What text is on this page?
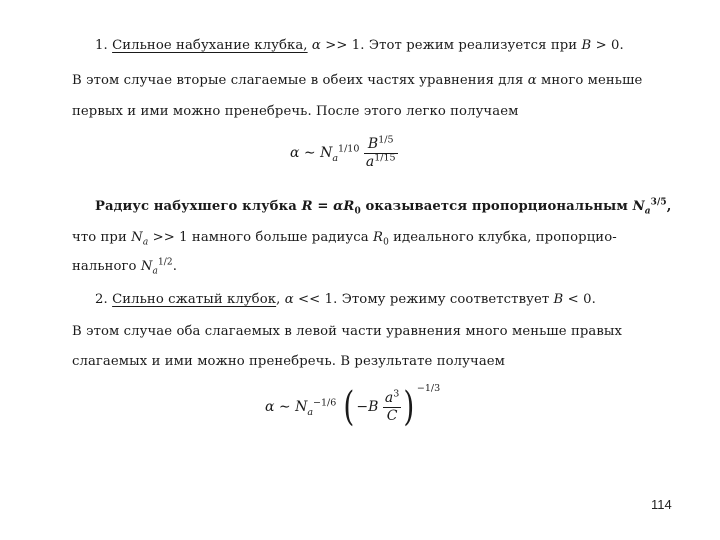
1. Сильное набухание клубка, α >> 1. Этот режим реализуется при B > 0.
В этом случае вторые слагаемые в обеих частях уравнения для α много меньше
первых и ими можно пренебречь. После этого легко получаем
α ∼ $N_a^{1/10} \frac{B^{1/5}}{a^{1/15}}$
Радиус набухшего клубка $R = \alpha R_0$ оказывается пропорциональным $N_a^{3/5}$,
что при $N_a >> 1$ намного больше радиуса $R_0$ идеального клубка, пропорцио-
нального $N_a^{1/2}$.
2. Сильно сжатый клубок, α << 1. Этому режиму соответствует B < 0.
В этом случае оба слагаемых в левой части уравнения много меньше правых
слагаемых и ими можно пренебречь. В результате получаем
α ∼ $N_a^{-1/6}$ ( $-B \frac{a^3}{C}$ ) $^{-1/3}$
114
